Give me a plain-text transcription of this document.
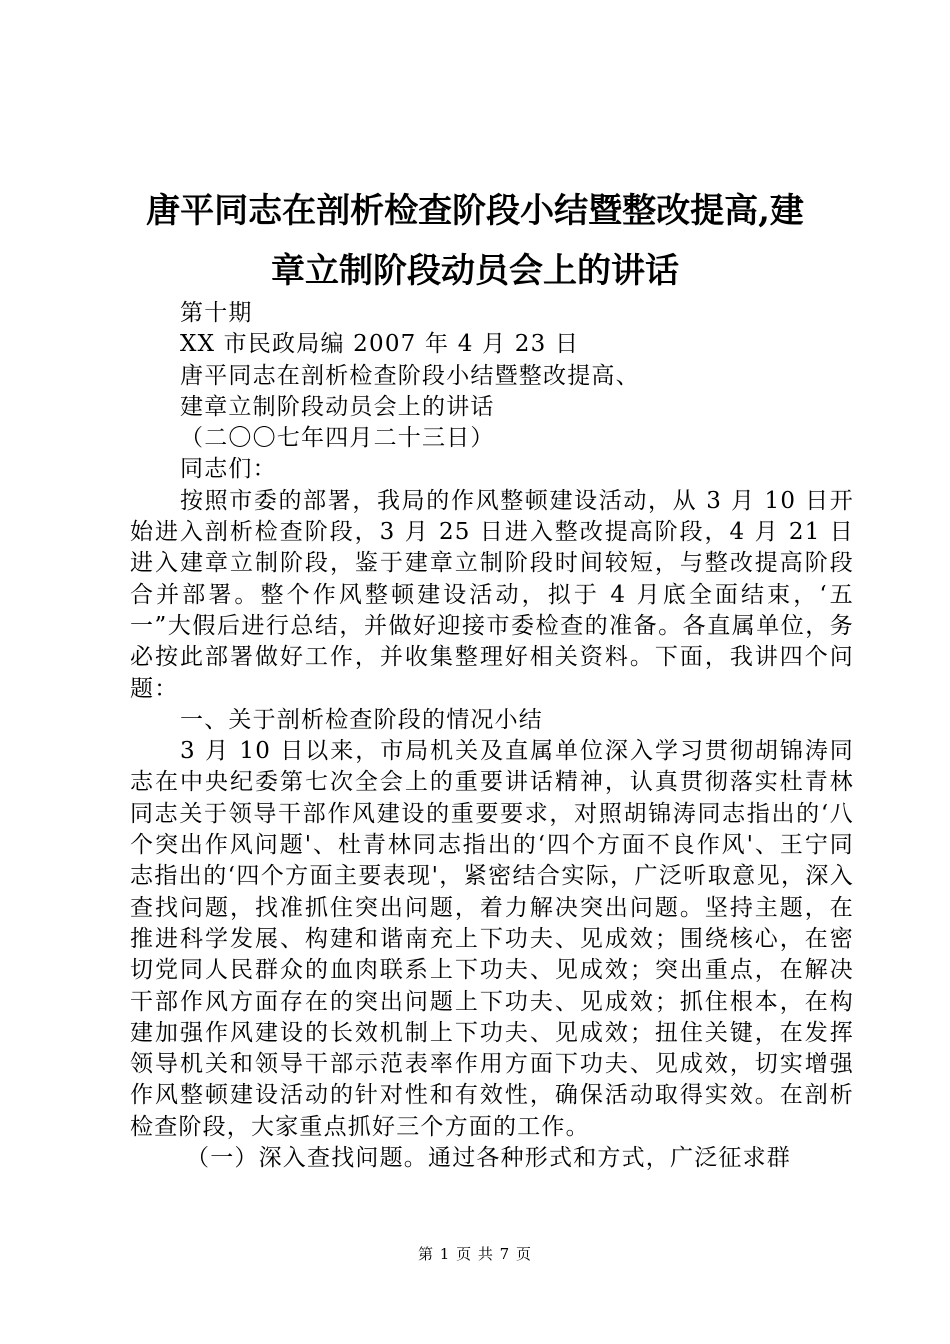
唐平同志在剖析检查阶段小结暨整改提高,建
章立制阶段动员会上的讲话

第十期

XX 市民政局编 2007 年 4 月 23 日

唐平同志在剖析检查阶段小结暨整改提高、

建章立制阶段动员会上的讲话

（二〇〇七年四月二十三日）

同志们：

按照市委的部署，我局的作风整顿建设活动，从 3 月 10 日开始进入剖析检查阶段，3 月 25 日进入整改提高阶段，4 月 21 日进入建章立制阶段，鉴于建章立制阶段时间较短，与整改提高阶段合并部署。整个作风整顿建设活动，拟于 4 月底全面结束，‘五一”大假后进行总结，并做好迎接市委检查的准备。各直属单位，务必按此部署做好工作，并收集整理好相关资料。下面，我讲四个问题：

一、关于剖析检查阶段的情况小结

3 月 10 日以来，市局机关及直属单位深入学习贯彻胡锦涛同志在中央纪委第七次全会上的重要讲话精神，认真贯彻落实杜青林同志关于领导干部作风建设的重要要求，对照胡锦涛同志指出的‘八个突出作风问题'、杜青林同志指出的‘四个方面不良作风'、王宁同志指出的‘四个方面主要表现'，紧密结合实际，广泛听取意见，深入查找问题，找准抓住突出问题，着力解决突出问题。坚持主题，在推进科学发展、构建和谐南充上下功夫、见成效；围绕核心，在密切党同人民群众的血肉联系上下功夫、见成效；突出重点，在解决干部作风方面存在的突出问题上下功夫、见成效；抓住根本，在构建加强作风建设的长效机制上下功夫、见成效；扭住关键，在发挥领导机关和领导干部示范表率作用方面下功夫、见成效，切实增强作风整顿建设活动的针对性和有效性，确保活动取得实效。在剖析检查阶段，大家重点抓好三个方面的工作。

（一）深入查找问题。通过各种形式和方式，广泛征求群

第 1 页 共 7 页
